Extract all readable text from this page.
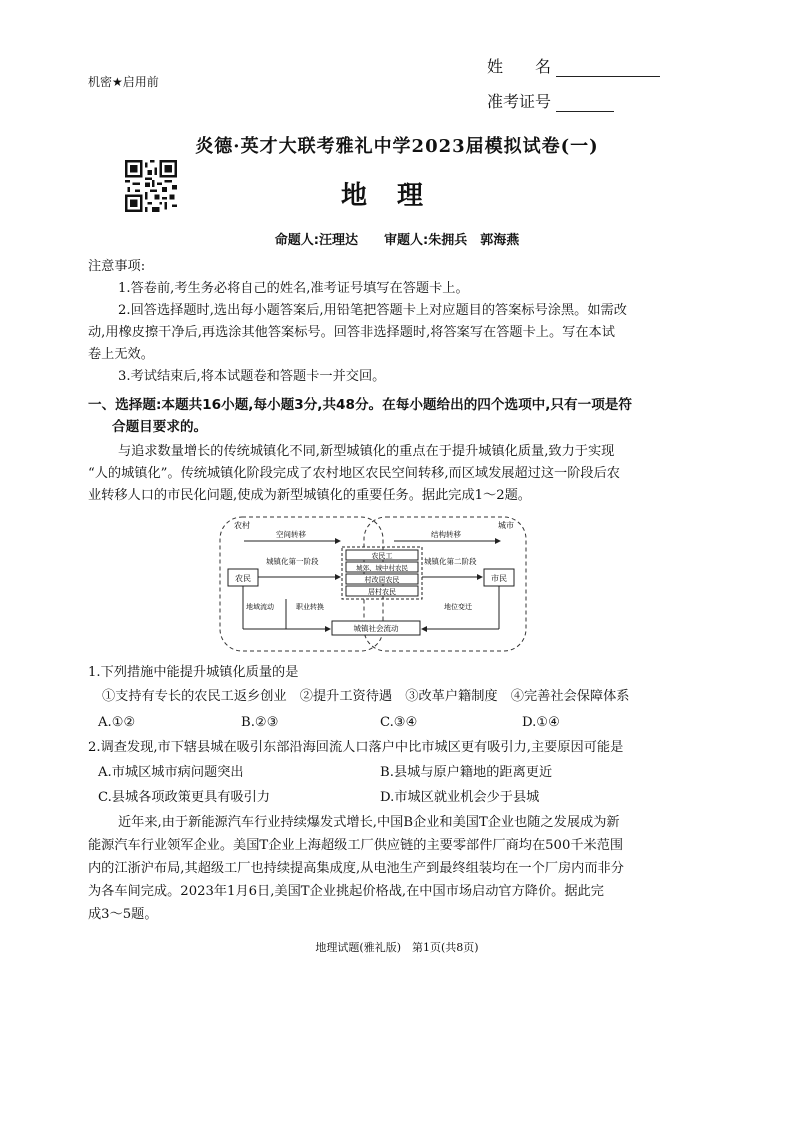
机密★启用前
姓　　名
准考证号
炎德·英才大联考雅礼中学2023届模拟试卷(一)
地理
命题人:汪理达　　审题人:朱拥兵　郭海燕
注意事项:
1.答卷前,考生务必将自己的姓名,准考证号填写在答题卡上。
2.回答选择题时,选出每小题答案后,用铅笔把答题卡上对应题目的答案标号涂黑。如需改
动,用橡皮擦干净后,再选涂其他答案标号。回答非选择题时,将答案写在答题卡上。写在本试
卷上无效。
3.考试结束后,将本试题卷和答题卡一并交回。
一、选择题:本题共16小题,每小题3分,共48分。在每小题给出的四个选项中,只有一项是符
合题目要求的。
与追求数量增长的传统城镇化不同,新型城镇化的重点在于提升城镇化质量,致力于实现
“人的城镇化”。传统城镇化阶段完成了农村地区农民空间转移,而区域发展超过这一阶段后农
业转移人口的市民化问题,使成为新型城镇化的重要任务。据此完成1～2题。
农村	城市
空间转移	结构转移
农民
城镇化第一阶段
农民工
城郊、城中村农民
村改居农民
居村农民
城镇化第二阶段
市民
地域流动	职业转换	地位变迁
城镇社会流动
1.下列措施中能提升城镇化质量的是
①支持有专长的农民工返乡创业　②提升工资待遇　③改革户籍制度　④完善社会保障体系
A.①②	B.②③	C.③④	D.①④
2.调查发现,市下辖县城在吸引东部沿海回流人口落户中比市城区更有吸引力,主要原因可能是
A.市城区城市病问题突出	B.县城与原户籍地的距离更近
C.县城各项政策更具有吸引力	D.市城区就业机会少于县城
近年来,由于新能源汽车行业持续爆发式增长,中国B企业和美国T企业也随之发展成为新
能源汽车行业领军企业。美国T企业上海超级工厂供应链的主要零部件厂商均在500千米范围
内的江浙沪布局,其超级工厂也持续提高集成度,从电池生产到最终组装均在一个厂房内而非分
为各车间完成。2023年1月6日,美国T企业挑起价格战,在中国市场启动官方降价。据此完
成3～5题。
地理试题(雅礼版)　第1页(共8页)
